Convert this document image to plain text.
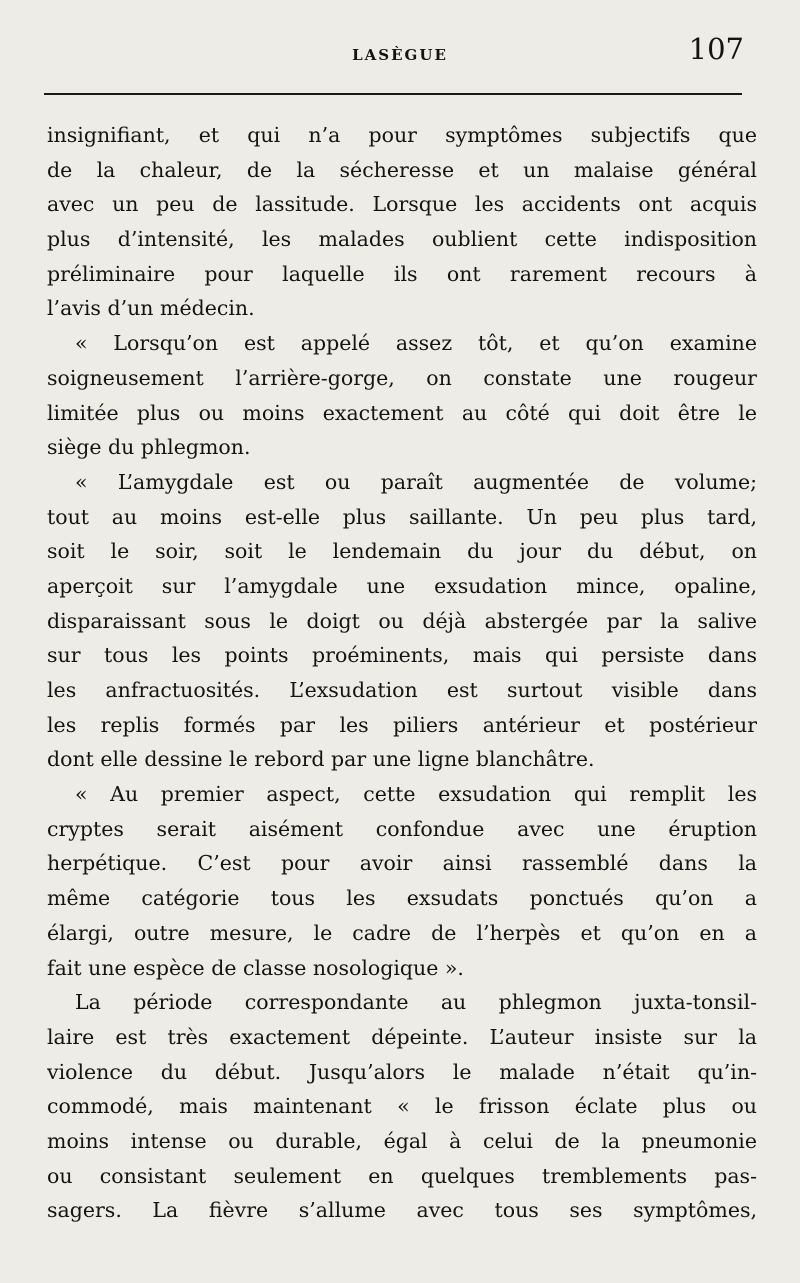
LASÈGUE	107

insignifiant, et qui n’a pour symptômes subjectifs que
de la chaleur, de la sécheresse et un malaise général
avec un peu de lassitude. Lorsque les accidents ont acquis
plus d’intensité, les malades oublient cette indisposition
préliminaire pour laquelle ils ont rarement recours à
l’avis d’un médecin.

« Lorsqu’on est appelé assez tôt, et qu’on examine
soigneusement l’arrière-gorge, on constate une rougeur
limitée plus ou moins exactement au côté qui doit être le
siège du phlegmon.

« L’amygdale est ou paraît augmentée de volume;
tout au moins est-elle plus saillante. Un peu plus tard,
soit le soir, soit le lendemain du jour du début, on
aperçoit sur l’amygdale une exsudation mince, opaline,
disparaissant sous le doigt ou déjà abstergée par la salive
sur tous les points proéminents, mais qui persiste dans
les anfractuosités. L’exsudation est surtout visible dans
les replis formés par les piliers antérieur et postérieur
dont elle dessine le rebord par une ligne blanchâtre.

« Au premier aspect, cette exsudation qui remplit les
cryptes serait aisément confondue avec une éruption
herpétique. C’est pour avoir ainsi rassemblé dans la
même catégorie tous les exsudats ponctués qu’on a
élargi, outre mesure, le cadre de l’herpès et qu’on en a
fait une espèce de classe nosologique ».

La période correspondante au phlegmon juxta-tonsil-
laire est très exactement dépeinte. L’auteur insiste sur la
violence du début. Jusqu’alors le malade n’était qu’in-
commodé, mais maintenant « le frisson éclate plus ou
moins intense ou durable, égal à celui de la pneumonie
ou consistant seulement en quelques tremblements pas-
sagers. La fièvre s’allume avec tous ses symptômes,
